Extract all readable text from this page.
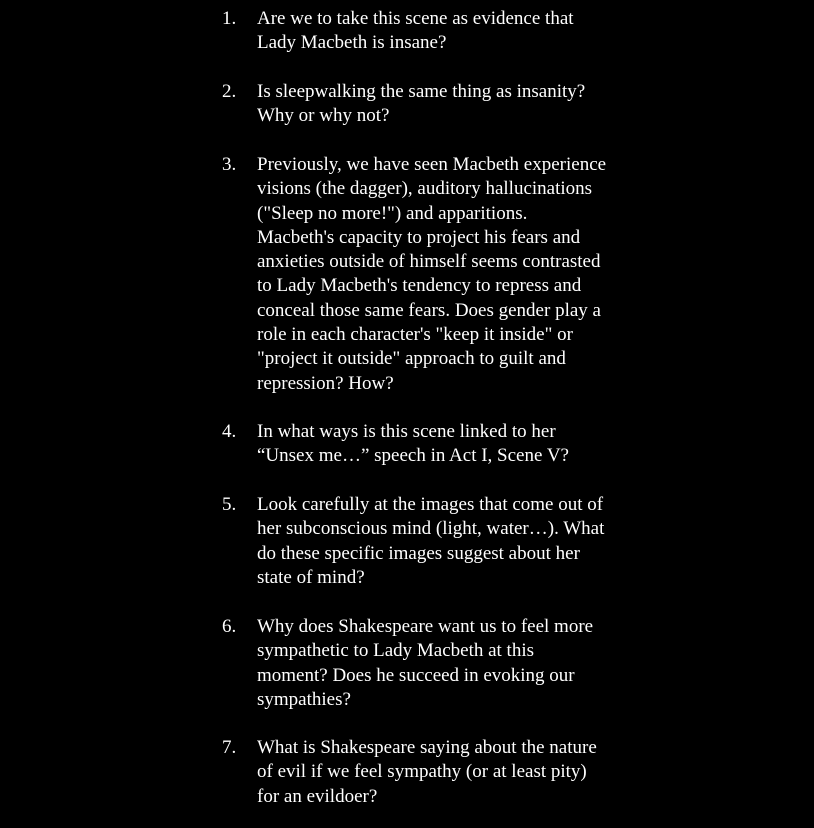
1.	Are we to take this scene as evidence that
Lady Macbeth is insane?
2.	Is sleepwalking the same thing as insanity?
Why or why not?
3.	Previously, we have seen Macbeth experience
visions (the dagger), auditory hallucinations
("Sleep no more!") and apparitions.
Macbeth's capacity to project his fears and
anxieties outside of himself seems contrasted
to Lady Macbeth's tendency to repress and
conceal those same fears. Does gender play a
role in each character's "keep it inside" or
"project it outside" approach to guilt and
repression? How?
4.	In what ways is this scene linked to her
“Unsex me…” speech in Act I, Scene V?
5.	Look carefully at the images that come out of
her subconscious mind (light, water…). What
do these specific images suggest about her
state of mind?
6.	Why does Shakespeare want us to feel more
sympathetic to Lady Macbeth at this
moment? Does he succeed in evoking our
sympathies?
7.	What is Shakespeare saying about the nature
of evil if we feel sympathy (or at least pity)
for an evildoer?
